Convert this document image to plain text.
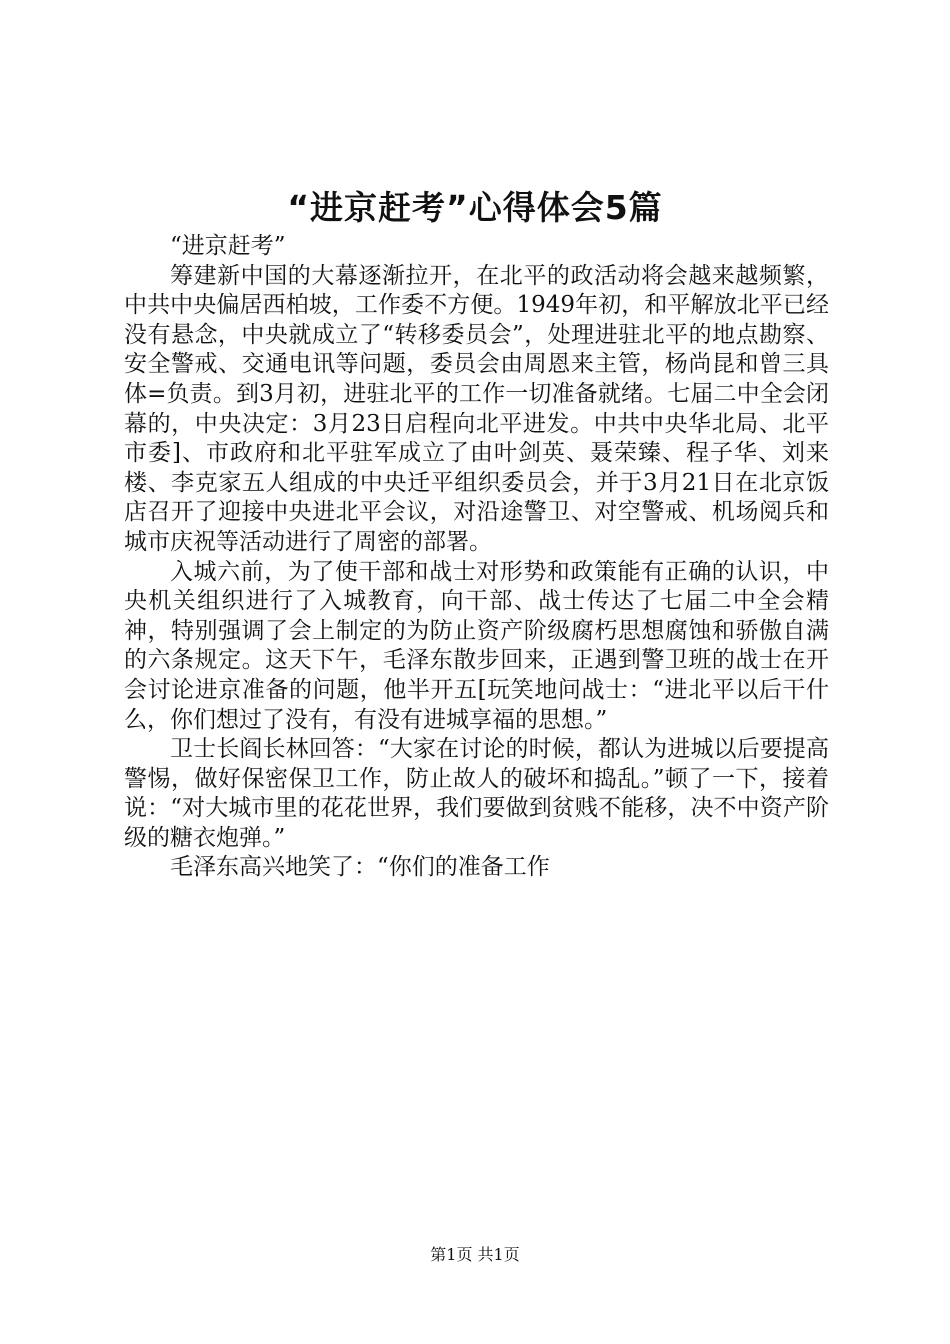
“进京赶考”心得体会5篇

“进京赶考”

筹建新中国的大幕逐渐拉开，在北平的政活动将会越来越频繁，中共中央偏居西柏坡，工作委不方便。1949年初，和平解放北平已经没有悬念，中央就成立了“转移委员会”，处理进驻北平的地点勘察、安全警戒、交通电讯等问题，委员会由周恩来主管，杨尚昆和曾三具体=负责。到3月初，进驻北平的工作一切准备就绪。七届二中全会闭幕的，中央决定：3月23日启程向北平进发。中共中央华北局、北平市委]、市政府和北平驻军成立了由叶剑英、聂荣臻、程子华、刘来楼、李克家五人组成的中央迁平组织委员会，并于3月21日在北京饭店召开了迎接中央进北平会议，对沿途警卫、对空警戒、机场阅兵和城市庆祝等活动进行了周密的部署。

入城六前，为了使干部和战士对形势和政策能有正确的认识，中央机关组织进行了入城教育，向干部、战士传达了七届二中全会精神，特别强调了会上制定的为防止资产阶级腐朽思想腐蚀和骄傲自满的六条规定。这天下午，毛泽东散步回来，正遇到警卫班的战士在开会讨论进京准备的问题，他半开五[玩笑地问战士：“进北平以后干什么，你们想过了没有，有没有进城享福的思想。”

卫士长阎长林回答：“大家在讨论的时候，都认为进城以后要提高警惕，做好保密保卫工作，防止故人的破坏和捣乱。”顿了一下，接着说：“对大城市里的花花世界，我们要做到贫贱不能移，决不中资产阶级的糖衣炮弹。”

毛泽东高兴地笑了：“你们的准备工作

第1页 共1页
